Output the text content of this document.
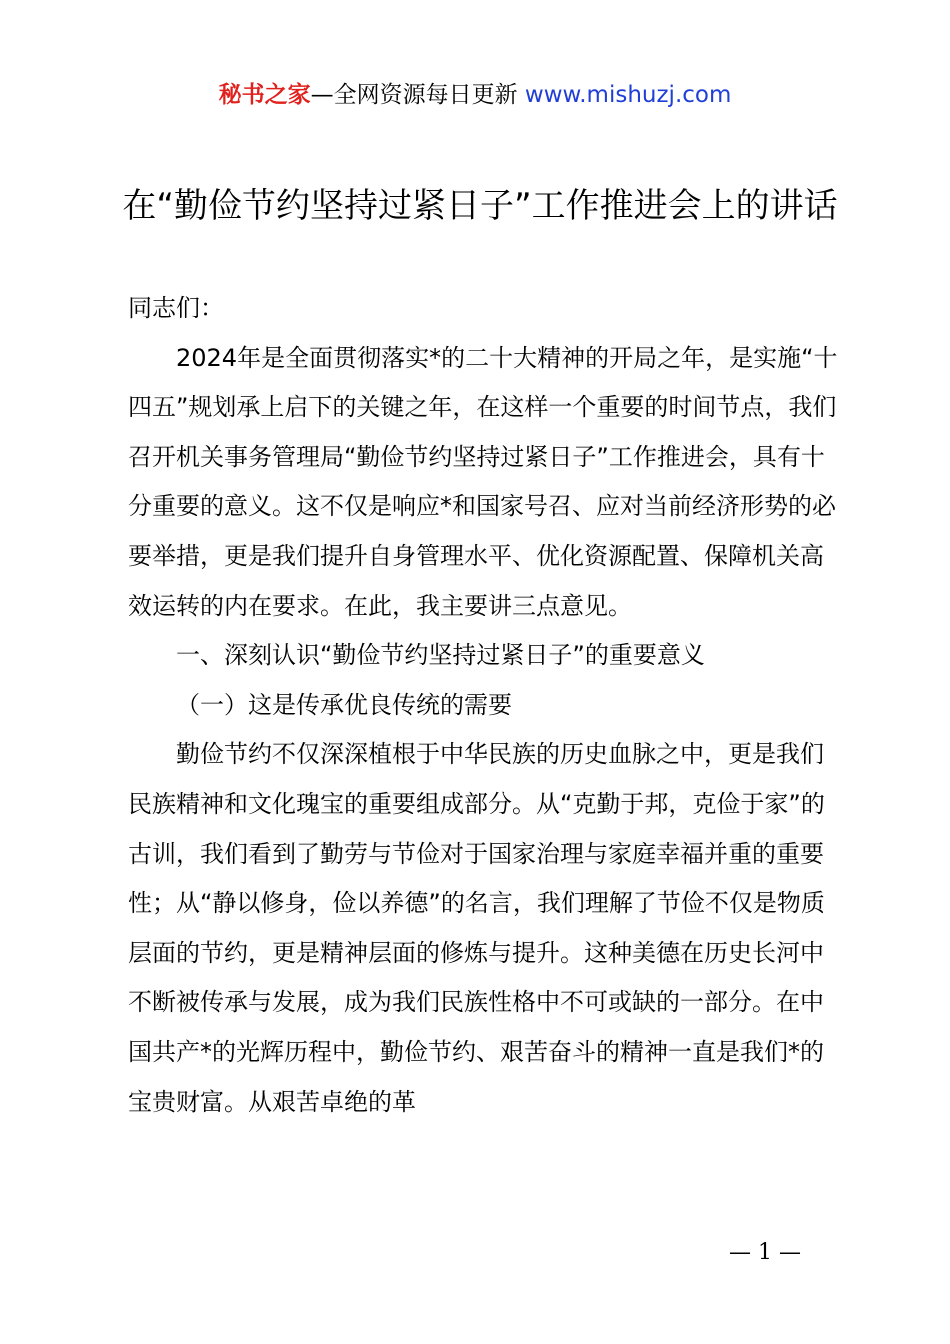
秘书之家—全网资源每日更新 www.mishuzj.com
在“勤俭节约坚持过紧日子”工作推进会上的讲话

同志们：

2024年是全面贯彻落实*的二十大精神的开局之年，是实施“十四五”规划承上启下的关键之年，在这样一个重要的时间节点，我们召开机关事务管理局“勤俭节约坚持过紧日子”工作推进会，具有十分重要的意义。这不仅是响应*和国家号召、应对当前经济形势的必要举措，更是我们提升自身管理水平、优化资源配置、保障机关高效运转的内在要求。在此，我主要讲三点意见。

一、深刻认识“勤俭节约坚持过紧日子”的重要意义

（一）这是传承优良传统的需要

勤俭节约不仅深深植根于中华民族的历史血脉之中，更是我们民族精神和文化瑰宝的重要组成部分。从“克勤于邦，克俭于家”的古训，我们看到了勤劳与节俭对于国家治理与家庭幸福并重的重要性；从“静以修身，俭以养德”的名言，我们理解了节俭不仅是物质层面的节约，更是精神层面的修炼与提升。这种美德在历史长河中不断被传承与发展，成为我们民族性格中不可或缺的一部分。在中国共产*的光辉历程中，勤俭节约、艰苦奋斗的精神一直是我们*的宝贵财富。从艰苦卓绝的革

— 1 —
